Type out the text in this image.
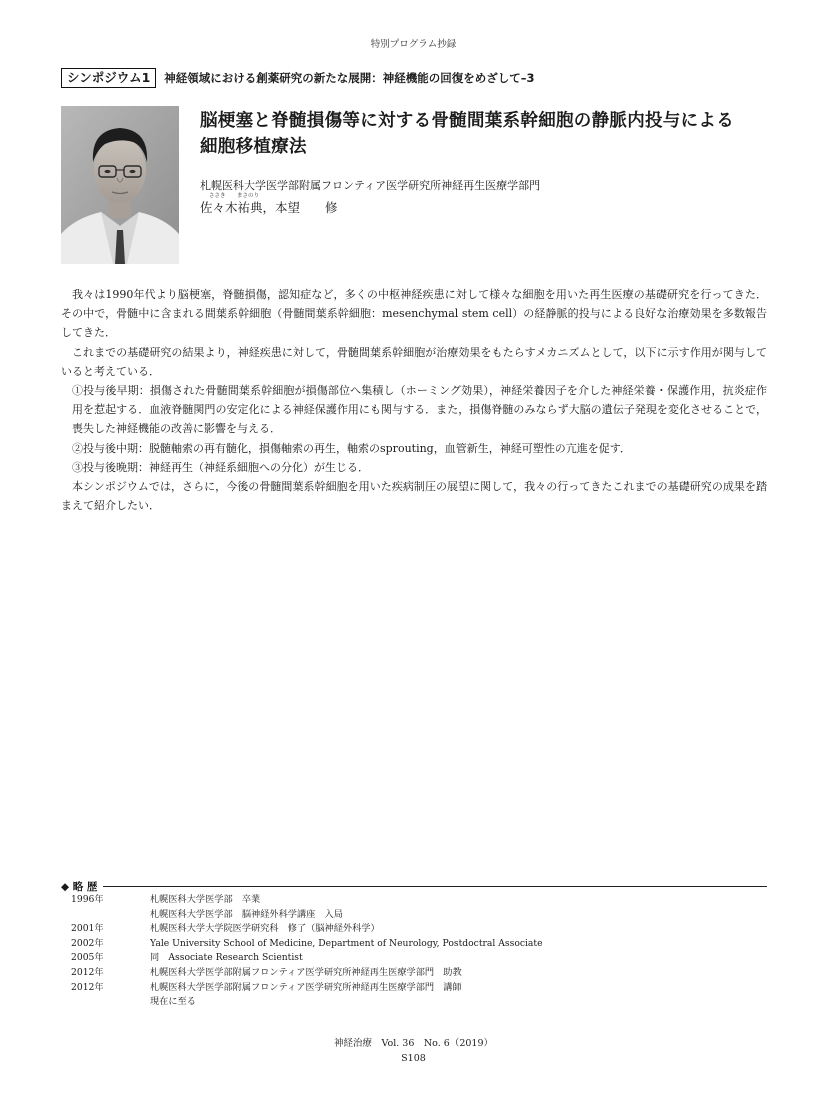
特別プログラム抄録
シンポジウム1	神経領域における創薬研究の新たな展開：神経機能の回復をめざして–3
脳梗塞と脊髄損傷等に対する骨髄間葉系幹細胞の静脈内投与による
細胞移植療法
札幌医科大学医学部附属フロンティア医学研究所神経再生医療学部門
ささき まさのり
佐々木祐典，本望　　修

我々は1990年代より脳梗塞，脊髄損傷，認知症など，多くの中枢神経疾患に対して様々な細胞を用いた再生医療の基礎研究を行ってきた．その中で，骨髄中に含まれる間葉系幹細胞（骨髄間葉系幹細胞：mesenchymal stem cell）の経静脈的投与による良好な治療効果を多数報告してきた．

これまでの基礎研究の結果より，神経疾患に対して，骨髄間葉系幹細胞が治療効果をもたらすメカニズムとして，以下に示す作用が関与していると考えている．

①投与後早期：損傷された骨髄間葉系幹細胞が損傷部位へ集積し（ホーミング効果），神経栄養因子を介した神経栄養・保護作用，抗炎症作用を惹起する．血液脊髄関門の安定化による神経保護作用にも関与する．また，損傷脊髄のみならず大脳の遺伝子発現を変化させることで，喪失した神経機能の改善に影響を与える．

②投与後中期：脱髄軸索の再有髄化，損傷軸索の再生，軸索のsprouting，血管新生，神経可塑性の亢進を促す．

③投与後晩期：神経再生（神経系細胞への分化）が生じる．

本シンポジウムでは，さらに，今後の骨髄間葉系幹細胞を用いた疾病制圧の展望に関して，我々の行ってきたこれまでの基礎研究の成果を踏まえて紹介したい．

◆ 略 歴
1996年	札幌医科大学医学部　卒業
札幌医科大学医学部　脳神経外科学講座　入局
2001年	札幌医科大学大学院医学研究科　修了（脳神経外科学）
2002年	Yale University School of Medicine, Department of Neurology, Postdoctral Associate
2005年	同　Associate Research Scientist
2012年	札幌医科大学医学部附属フロンティア医学研究所神経再生医療学部門　助教
2012年	札幌医科大学医学部附属フロンティア医学研究所神経再生医療学部門　講師
現在に至る
神経治療　Vol. 36　No. 6（2019）
S108
